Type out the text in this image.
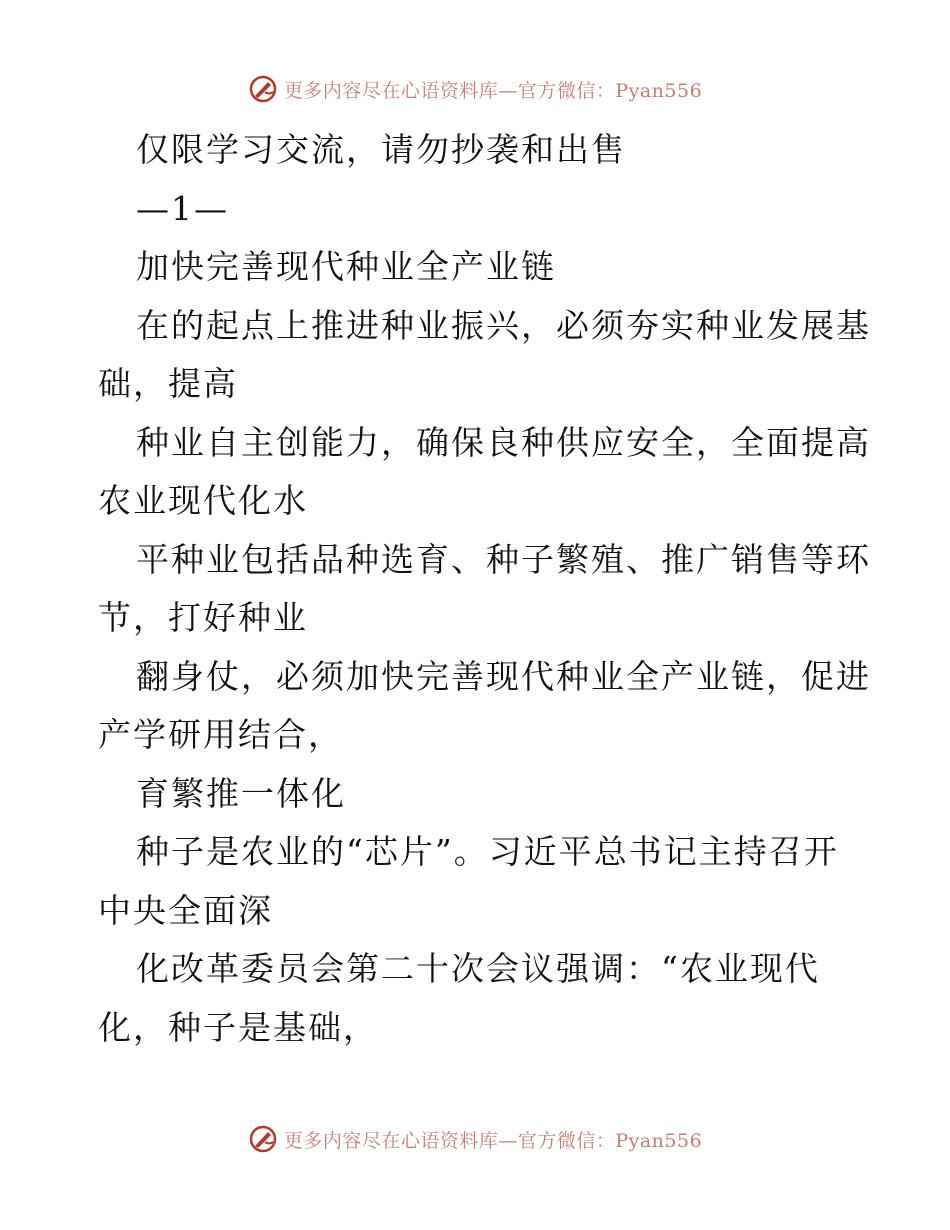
更多内容尽在心语资料库—官方微信：Pyan556
仅限学习交流，请勿抄袭和出售
—1—
加快完善现代种业全产业链
在的起点上推进种业振兴，必须夯实种业发展基
础，提高
种业自主创能力，确保良种供应安全，全面提高
农业现代化水
平种业包括品种选育、种子繁殖、推广销售等环
节，打好种业
翻身仗，必须加快完善现代种业全产业链，促进
产学研用结合，
育繁推一体化
种子是农业的“芯片”。习近平总书记主持召开
中央全面深
化改革委员会第二十次会议强调：“农业现代
化，种子是基础，
更多内容尽在心语资料库—官方微信：Pyan556
